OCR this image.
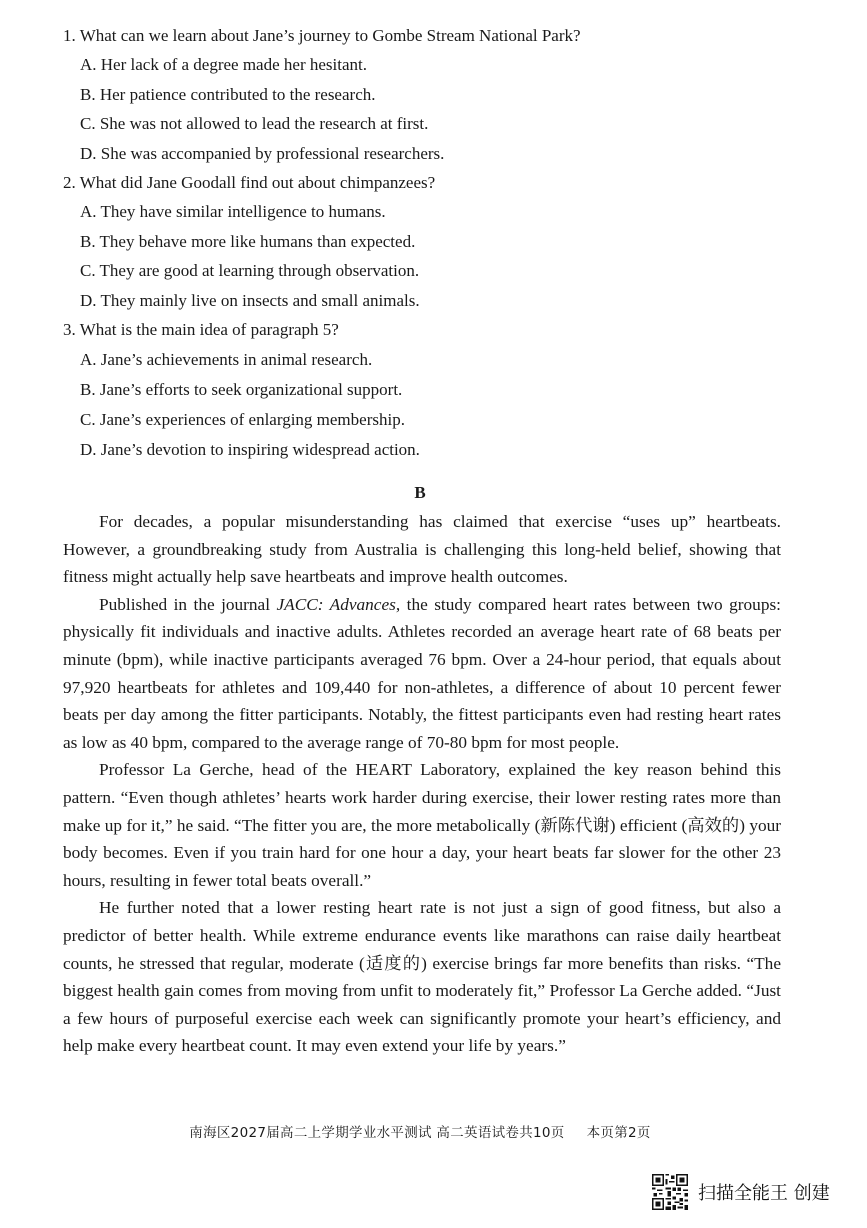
1. What can we learn about Jane’s journey to Gombe Stream National Park?
A. Her lack of a degree made her hesitant.
B. Her patience contributed to the research.
C. She was not allowed to lead the research at first.
D. She was accompanied by professional researchers.
2. What did Jane Goodall find out about chimpanzees?
A. They have similar intelligence to humans.
B. They behave more like humans than expected.
C. They are good at learning through observation.
D. They mainly live on insects and small animals.
3. What is the main idea of paragraph 5?
A. Jane’s achievements in animal research.
B. Jane’s efforts to seek organizational support.
C. Jane’s experiences of enlarging membership.
D. Jane’s devotion to inspiring widespread action.
B

For decades, a popular misunderstanding has claimed that exercise “uses up” heartbeats. However, a groundbreaking study from Australia is challenging this long-held belief, showing that fitness might actually help save heartbeats and improve health outcomes.

Published in the journal JACC: Advances, the study compared heart rates between two groups: physically fit individuals and inactive adults. Athletes recorded an average heart rate of 68 beats per minute (bpm), while inactive participants averaged 76 bpm. Over a 24-hour period, that equals about 97,920 heartbeats for athletes and 109,440 for non-athletes, a difference of about 10 percent fewer beats per day among the fitter participants. Notably, the fittest participants even had resting heart rates as low as 40 bpm, compared to the average range of 70-80 bpm for most people.

Professor La Gerche, head of the HEART Laboratory, explained the key reason behind this pattern. “Even though athletes’ hearts work harder during exercise, their lower resting rates more than make up for it,” he said. “The fitter you are, the more metabolically (新陈代谢) efficient (高效的) your body becomes. Even if you train hard for one hour a day, your heart beats far slower for the other 23 hours, resulting in fewer total beats overall.”

He further noted that a lower resting heart rate is not just a sign of good fitness, but also a predictor of better health. While extreme endurance events like marathons can raise daily heartbeat counts, he stressed that regular, moderate (适度的) exercise brings far more benefits than risks. “The biggest health gain comes from moving from unfit to moderately fit,” Professor La Gerche added. “Just a few hours of purposeful exercise each week can significantly promote your heart’s efficiency, and help make every heartbeat count. It may even extend your life by years.”

南海区2027届高二上学期学业水平测试 高二英语试卷共10页 本页第2页
扫描全能王 创建
